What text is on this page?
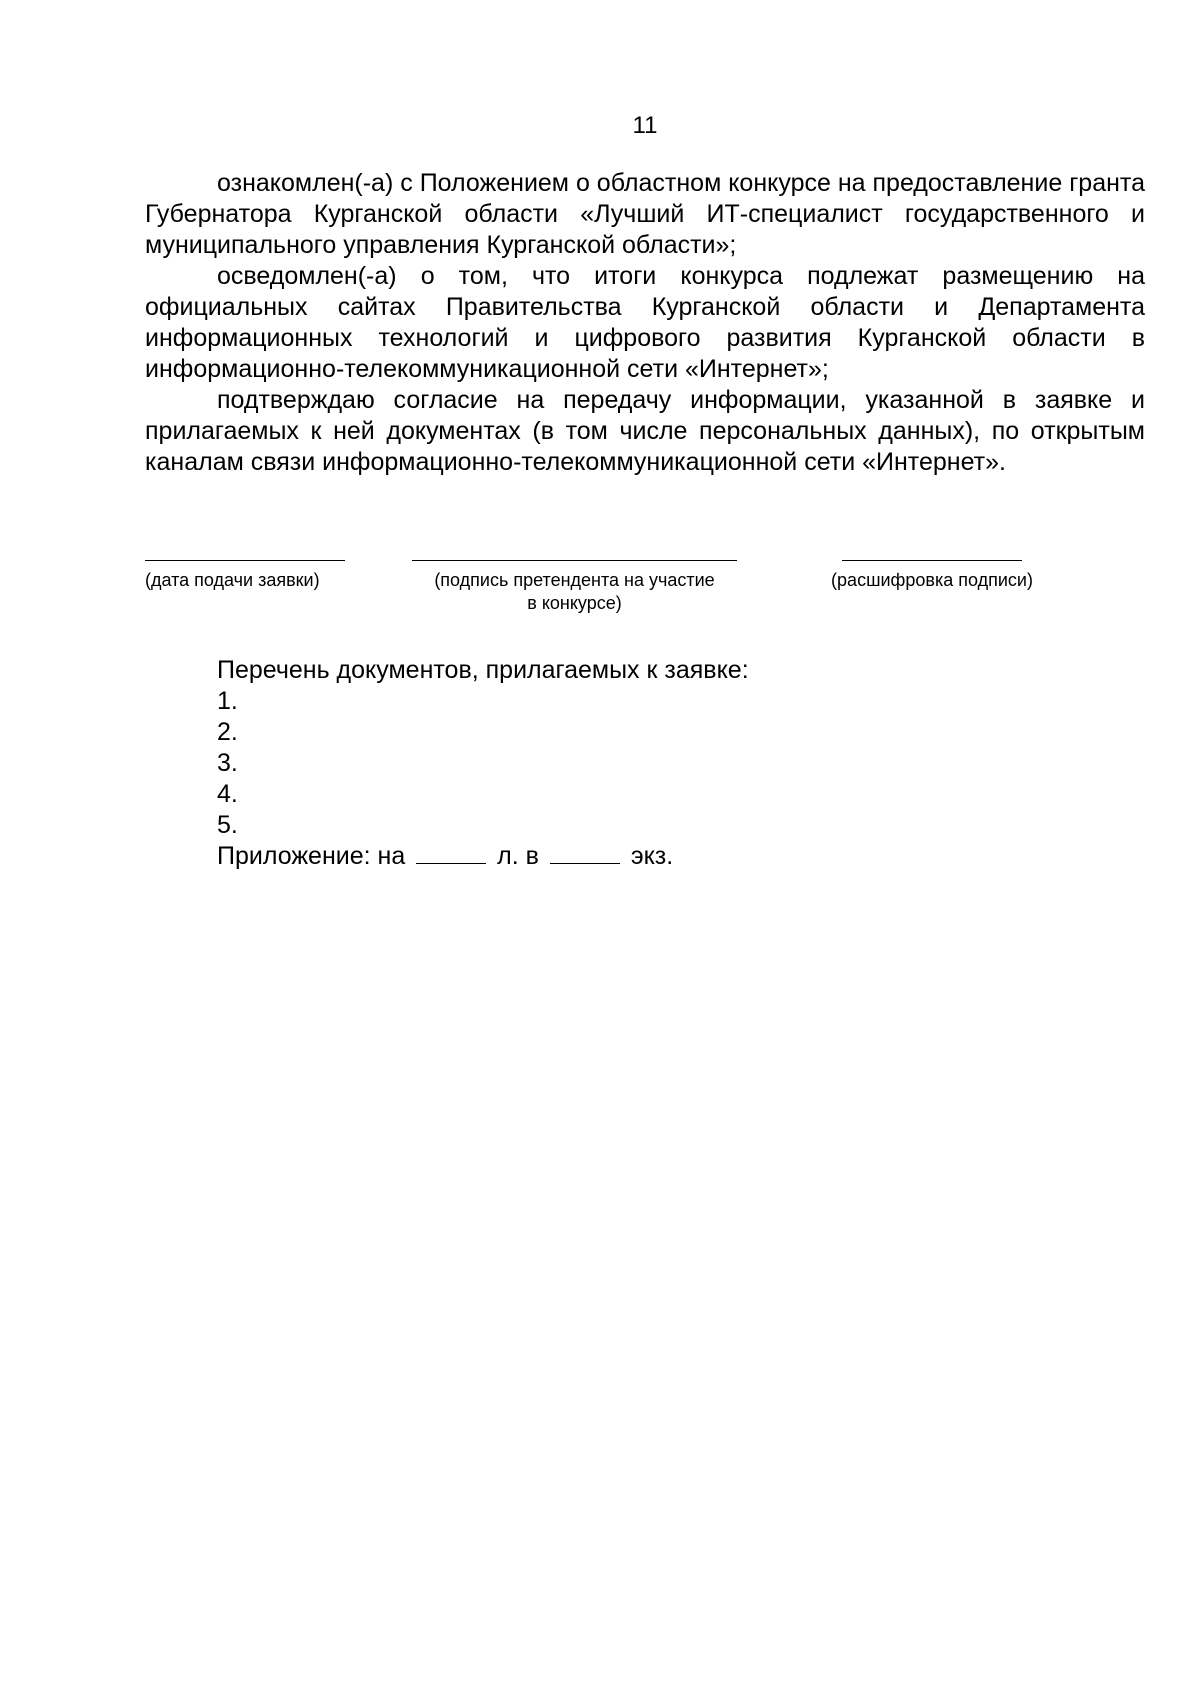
11

ознакомлен(-а) с Положением о областном конкурсе на предоставление гранта Губернатора Курганской области «Лучший ИТ-специалист государственного и муниципального управления Курганской области»;

осведомлен(-а) о том, что итоги конкурса подлежат размещению на официальных сайтах Правительства Курганской области и Департамента информационных технологий и цифрового развития Курганской области в информационно-телекоммуникационной сети «Интернет»;

подтверждаю согласие на передачу информации, указанной в заявке и прилагаемых к ней документах (в том числе персональных данных), по открытым каналам связи информационно-телекоммуникационной сети «Интернет».

(дата подачи заявки)	(подпись претендента на участие
в конкурсе)
(расшифровка подписи)

Перечень документов, прилагаемых к заявке:

1.

2.

3.

4.

5.

Приложение: на	л. в	экз.
